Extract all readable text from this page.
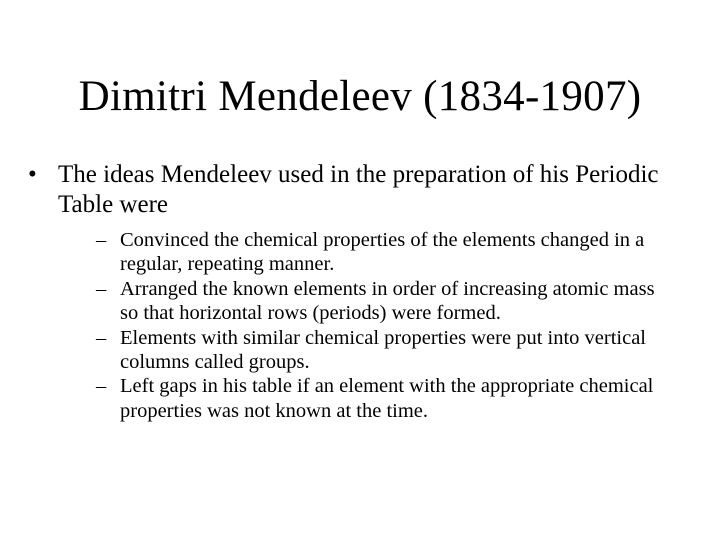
Dimitri Mendeleev (1834‑1907)
• The ideas Mendeleev used in the preparation of his Periodic Table were

– Convinced the chemical properties of the elements changed in a regular, repeating manner.

– Arranged the known elements in order of increasing atomic mass so that horizontal rows (periods) were formed.

– Elements with similar chemical properties were put into vertical columns called groups.

– Left gaps in his table if an element with the appropriate chemical properties was not known at the time.
